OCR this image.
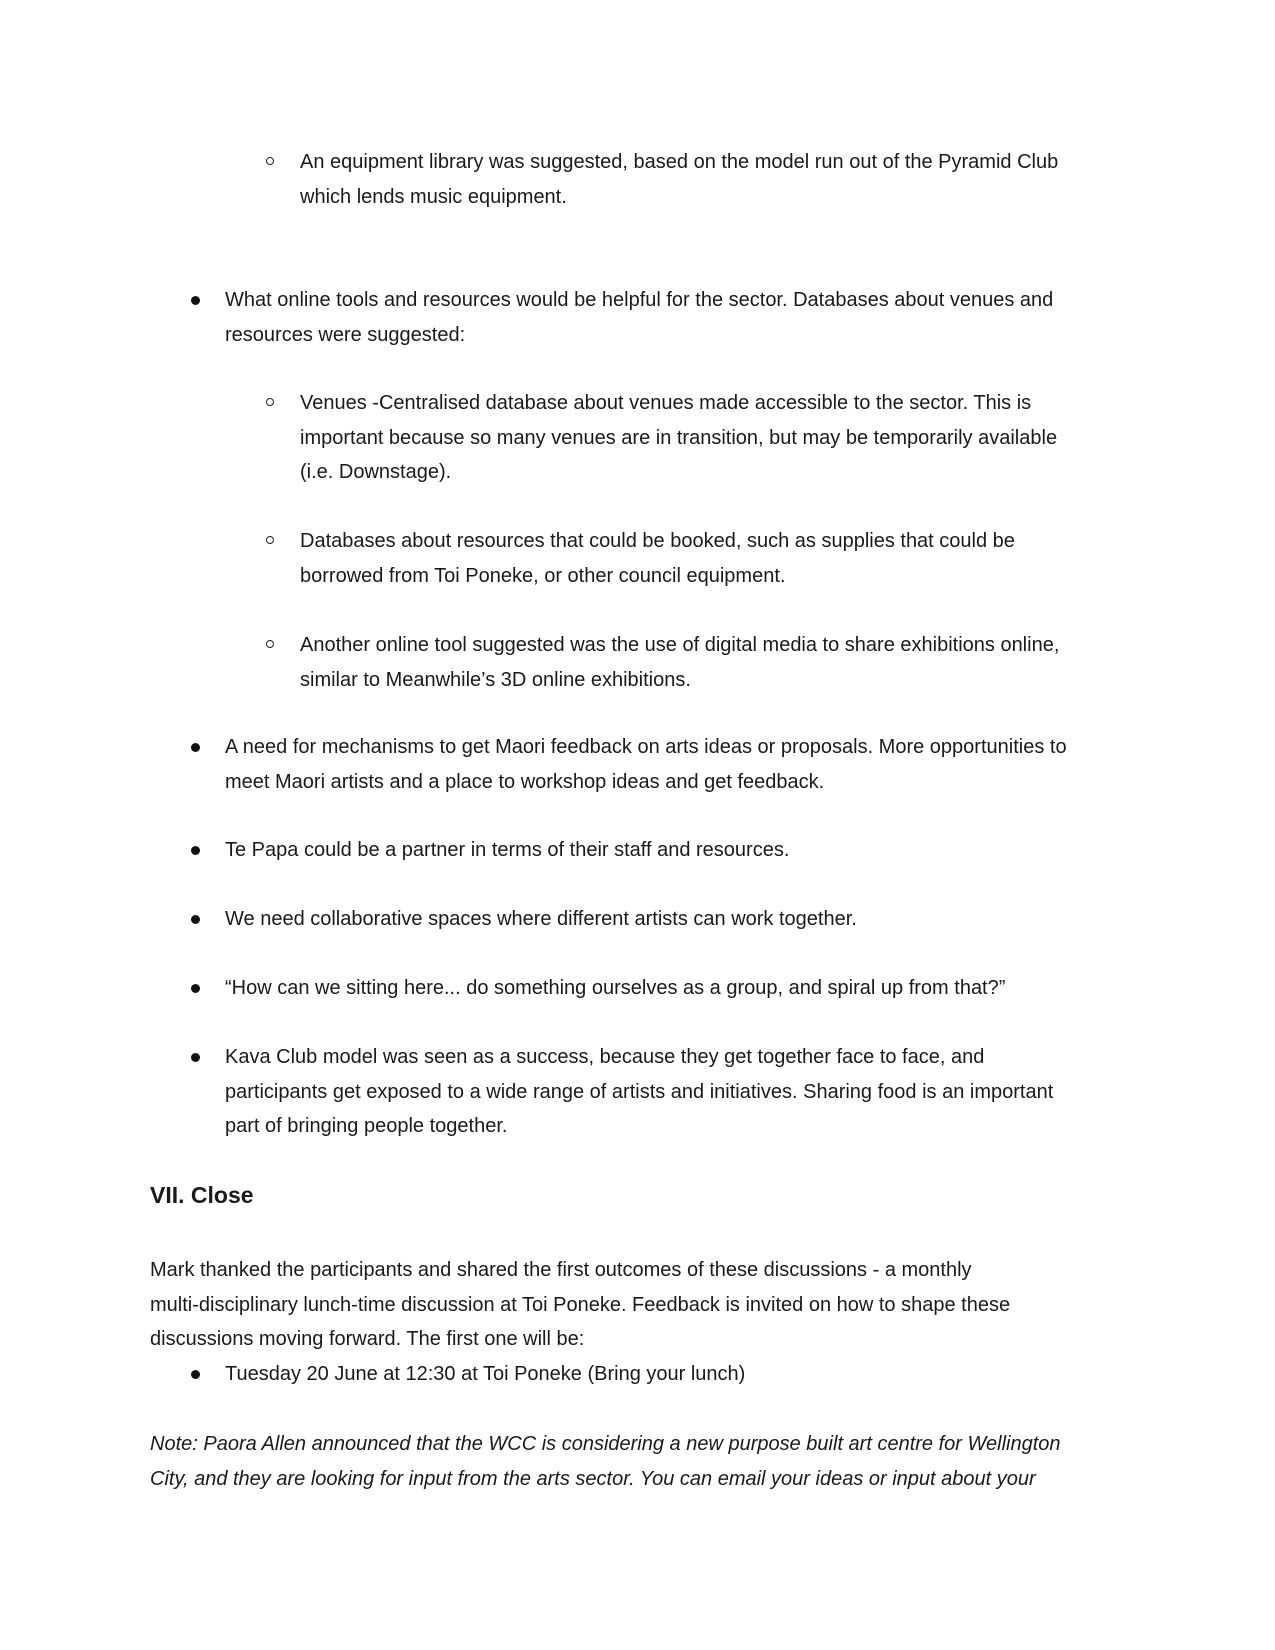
An equipment library was suggested, based on the model run out of the Pyramid Club
which lends music equipment.
What online tools and resources would be helpful for the sector. Databases about venues and
resources were suggested:
Venues -Centralised database about venues made accessible to the sector. This is
important because so many venues are in transition, but may be temporarily available
(i.e. Downstage).
Databases about resources that could be booked, such as supplies that could be
borrowed from Toi Poneke, or other council equipment.
Another online tool suggested was the use of digital media to share exhibitions online,
similar to Meanwhile’s 3D online exhibitions.
A need for mechanisms to get Maori feedback on arts ideas or proposals. More opportunities to
meet Maori artists and a place to workshop ideas and get feedback.
Te Papa could be a partner in terms of their staff and resources.
We need collaborative spaces where different artists can work together.
“How can we sitting here... do something ourselves as a group, and spiral up from that?”
Kava Club model was seen as a success, because they get together face to face, and
participants get exposed to a wide range of artists and initiatives. Sharing food is an important
part of bringing people together.
VII. Close
Mark thanked the participants and shared the first outcomes of these discussions - a monthly
multi-disciplinary lunch-time discussion at Toi Poneke. Feedback is invited on how to shape these
discussions moving forward. The first one will be:
Tuesday 20 June at 12:30 at Toi Poneke (Bring your lunch)
Note: Paora Allen announced that the WCC is considering a new purpose built art centre for Wellington
City, and they are looking for input from the arts sector. You can email your ideas or input about your
